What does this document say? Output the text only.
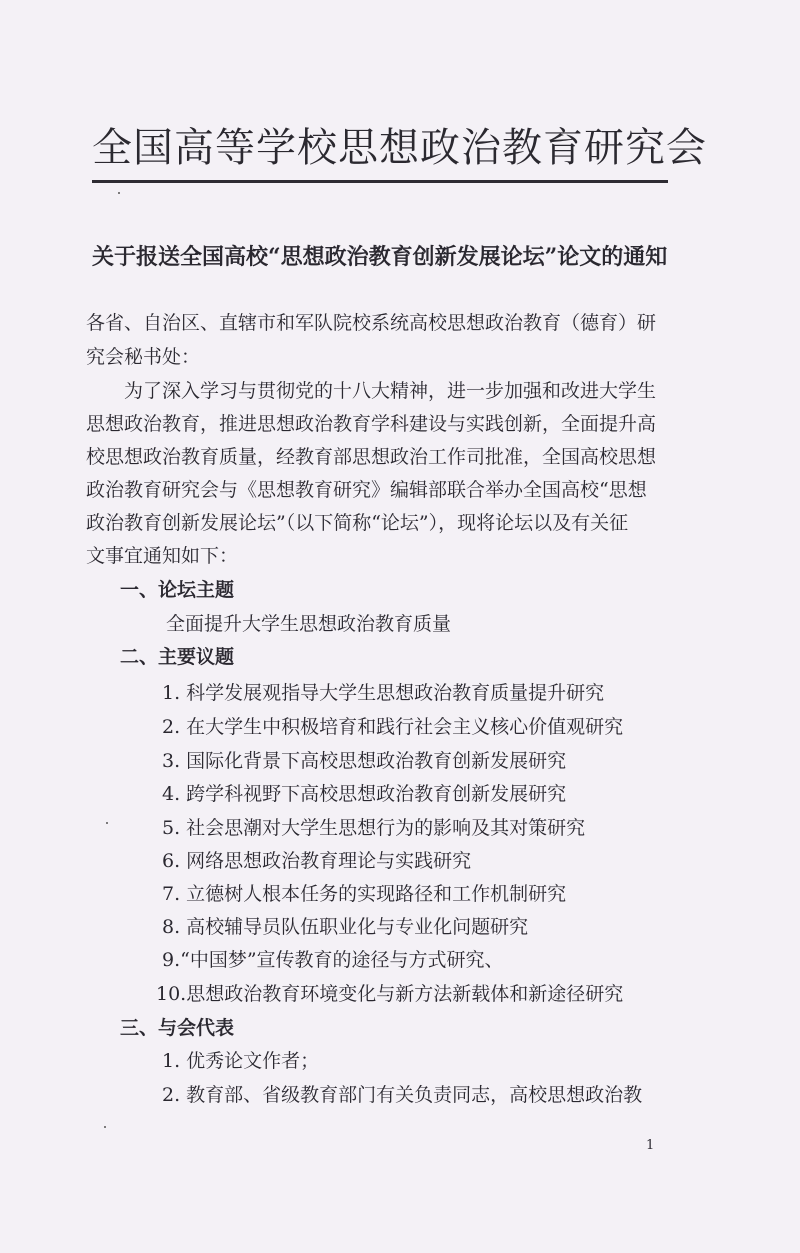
全国高等学校思想政治教育研究会
关于报送全国高校“思想政治教育创新发展论坛”论文的通知
各省、自治区、直辖市和军队院校系统高校思想政治教育（德育）研
究会秘书处：
为了深入学习与贯彻党的十八大精神，进一步加强和改进大学生
思想政治教育，推进思想政治教育学科建设与实践创新，全面提升高
校思想政治教育质量，经教育部思想政治工作司批准，全国高校思想
政治教育研究会与《思想教育研究》编辑部联合举办全国高校“思想
政治教育创新发展论坛”（以下简称“论坛”），现将论坛以及有关征
文事宜通知如下：
一、论坛主题
全面提升大学生思想政治教育质量
二、主要议题
1. 科学发展观指导大学生思想政治教育质量提升研究
2. 在大学生中积极培育和践行社会主义核心价值观研究
3. 国际化背景下高校思想政治教育创新发展研究
4. 跨学科视野下高校思想政治教育创新发展研究
5. 社会思潮对大学生思想行为的影响及其对策研究
6. 网络思想政治教育理论与实践研究
7. 立德树人根本任务的实现路径和工作机制研究
8. 高校辅导员队伍职业化与专业化问题研究
9.“中国梦”宣传教育的途径与方式研究、
10.思想政治教育环境变化与新方法新载体和新途径研究
三、与会代表
1. 优秀论文作者；
2. 教育部、省级教育部门有关负责同志，高校思想政治教
1
